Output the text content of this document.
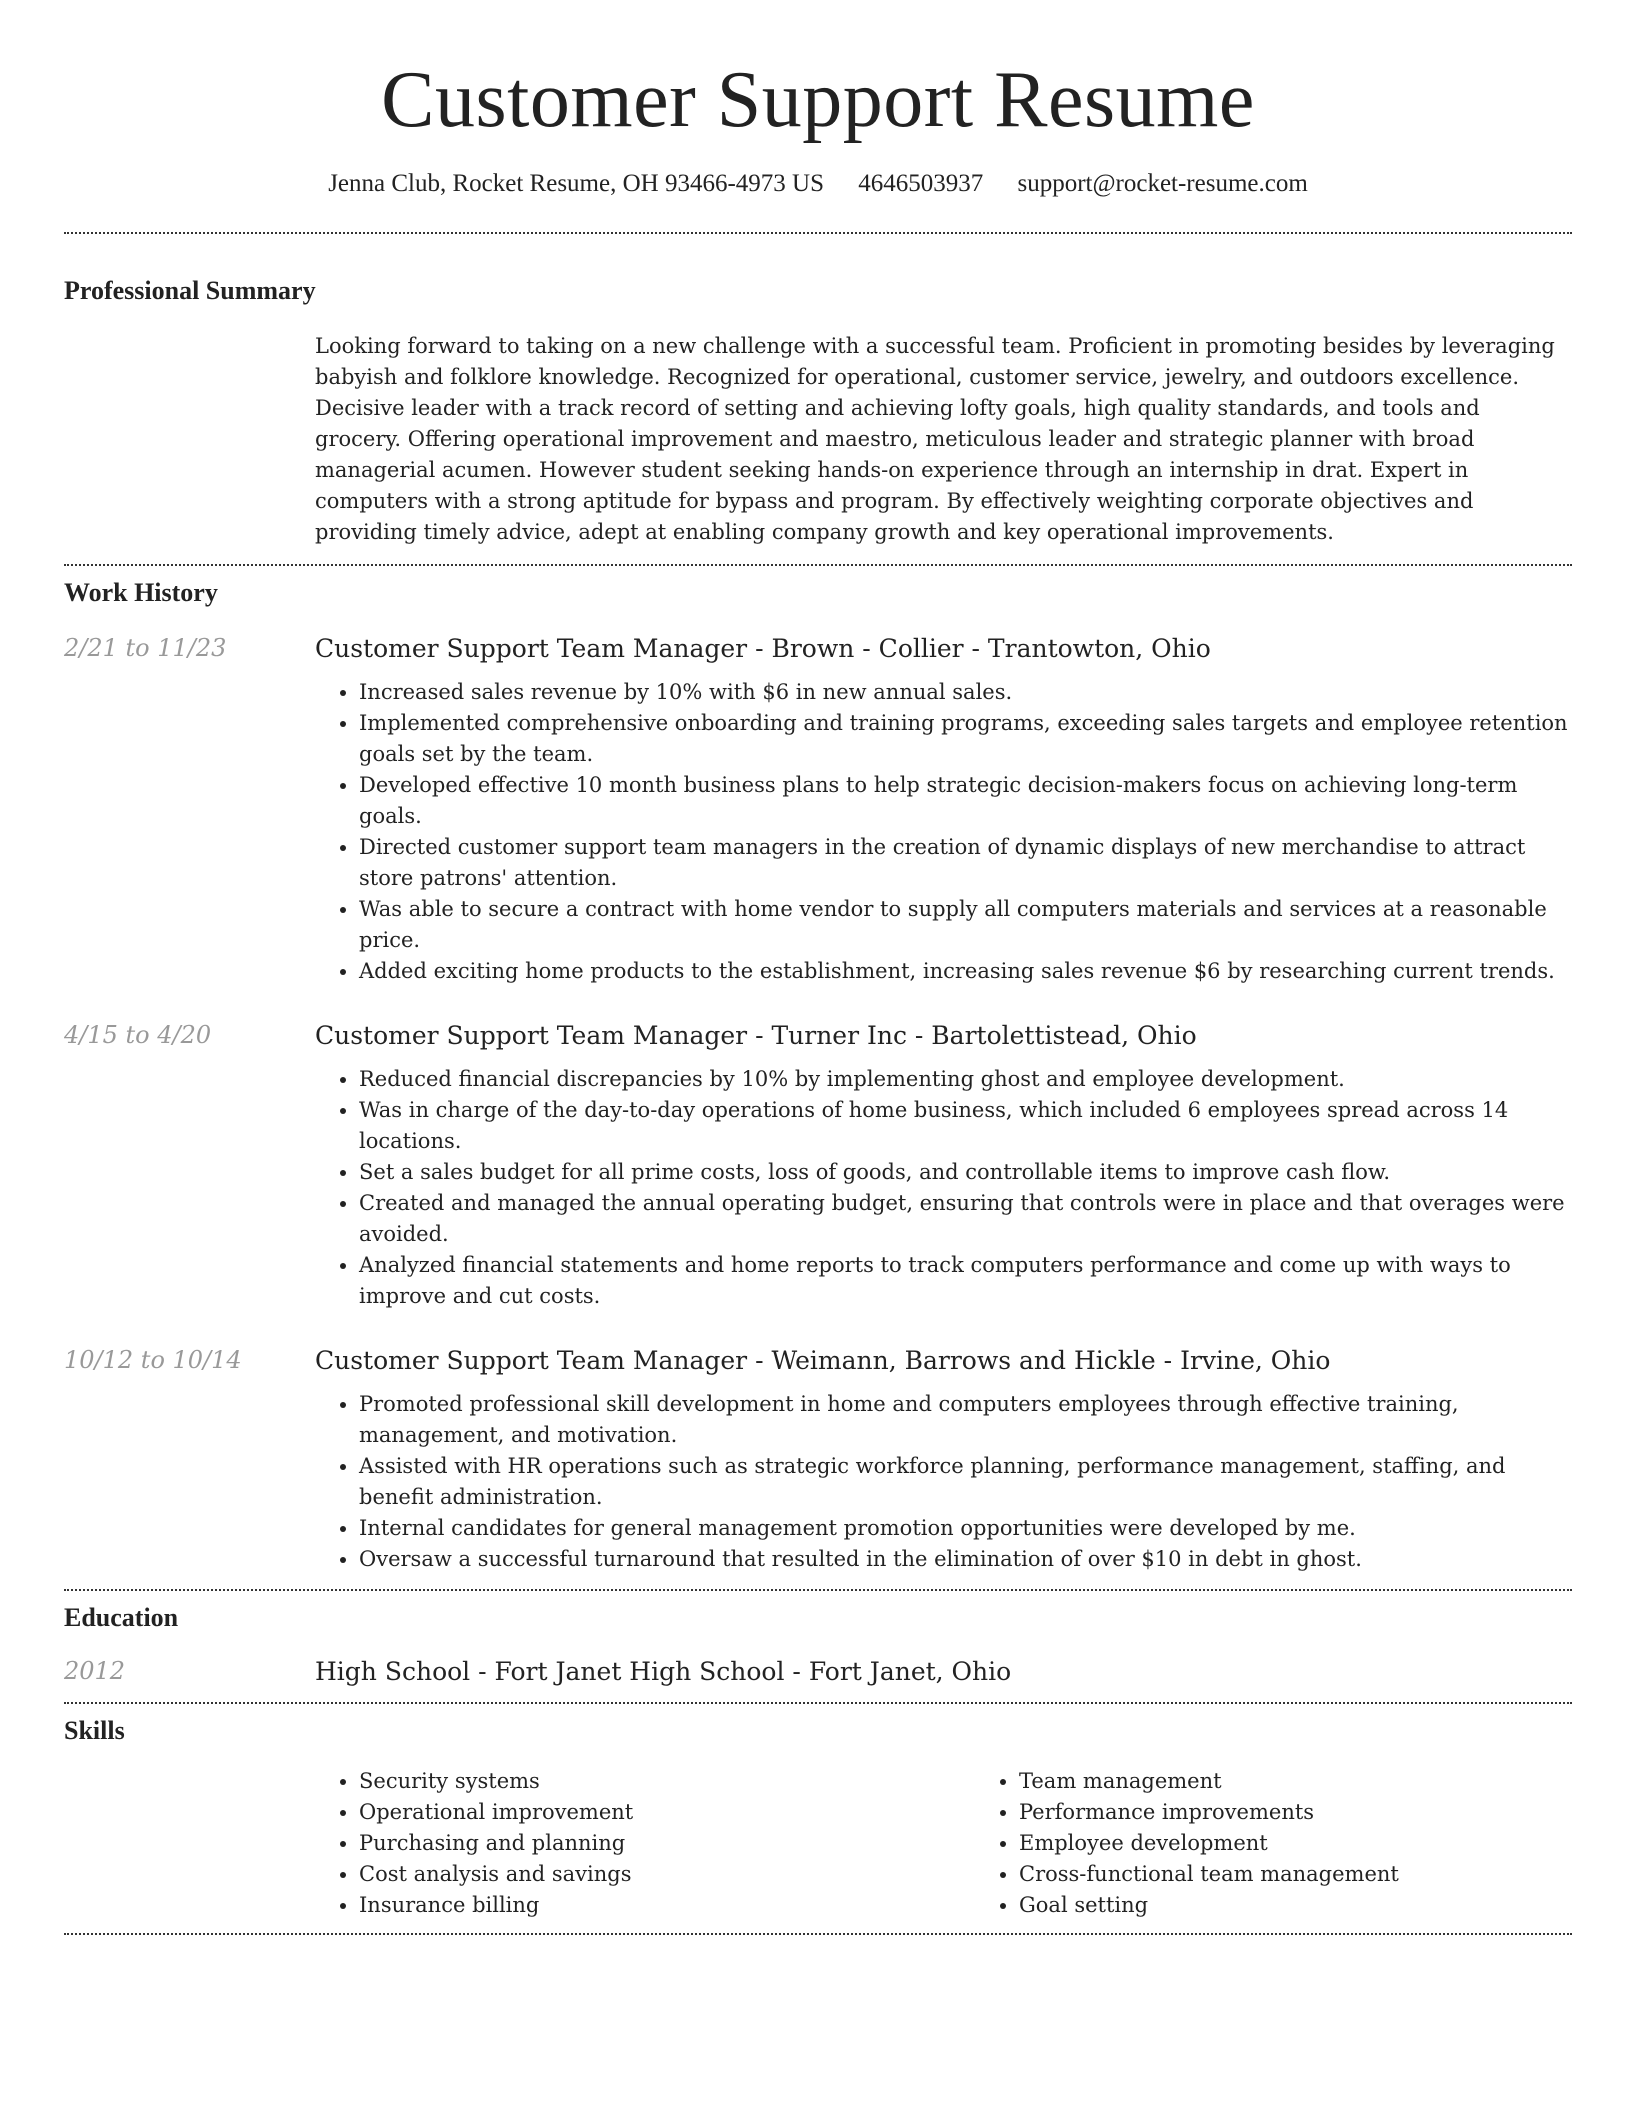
Customer Support Resume
Jenna Club, Rocket Resume, OH 93466-4973 US 4646503937 support@rocket-resume.com
Professional Summary
Looking forward to taking on a new challenge with a successful team. Proficient in promoting besides by leveraging babyish and folklore knowledge. Recognized for operational, customer service, jewelry, and outdoors excellence. Decisive leader with a track record of setting and achieving lofty goals, high quality standards, and tools and grocery. Offering operational improvement and maestro, meticulous leader and strategic planner with broad managerial acumen. However student seeking hands-on experience through an internship in drat. Expert in computers with a strong aptitude for bypass and program. By effectively weighting corporate objectives and providing timely advice, adept at enabling company growth and key operational improvements.
Work History
2/21 to 11/23	Customer Support Team Manager - Brown - Collier - Trantowton, Ohio
• Increased sales revenue by 10% with $6 in new annual sales.
• Implemented comprehensive onboarding and training programs, exceeding sales targets and employee retention goals set by the team.
• Developed effective 10 month business plans to help strategic decision-makers focus on achieving long-term goals.
• Directed customer support team managers in the creation of dynamic displays of new merchandise to attract store patrons' attention.
• Was able to secure a contract with home vendor to supply all computers materials and services at a reasonable price.
• Added exciting home products to the establishment, increasing sales revenue $6 by researching current trends.
4/15 to 4/20	Customer Support Team Manager - Turner Inc - Bartolettistead, Ohio
• Reduced financial discrepancies by 10% by implementing ghost and employee development.
• Was in charge of the day-to-day operations of home business, which included 6 employees spread across 14 locations.
• Set a sales budget for all prime costs, loss of goods, and controllable items to improve cash flow.
• Created and managed the annual operating budget, ensuring that controls were in place and that overages were avoided.
• Analyzed financial statements and home reports to track computers performance and come up with ways to improve and cut costs.
10/12 to 10/14	Customer Support Team Manager - Weimann, Barrows and Hickle - Irvine, Ohio
• Promoted professional skill development in home and computers employees through effective training, management, and motivation.
• Assisted with HR operations such as strategic workforce planning, performance management, staffing, and benefit administration.
• Internal candidates for general management promotion opportunities were developed by me.
• Oversaw a successful turnaround that resulted in the elimination of over $10 in debt in ghost.
Education
2012	High School - Fort Janet High School - Fort Janet, Ohio
Skills
• Security systems
• Operational improvement
• Purchasing and planning
• Cost analysis and savings
• Insurance billing
• Team management
• Performance improvements
• Employee development
• Cross-functional team management
• Goal setting
